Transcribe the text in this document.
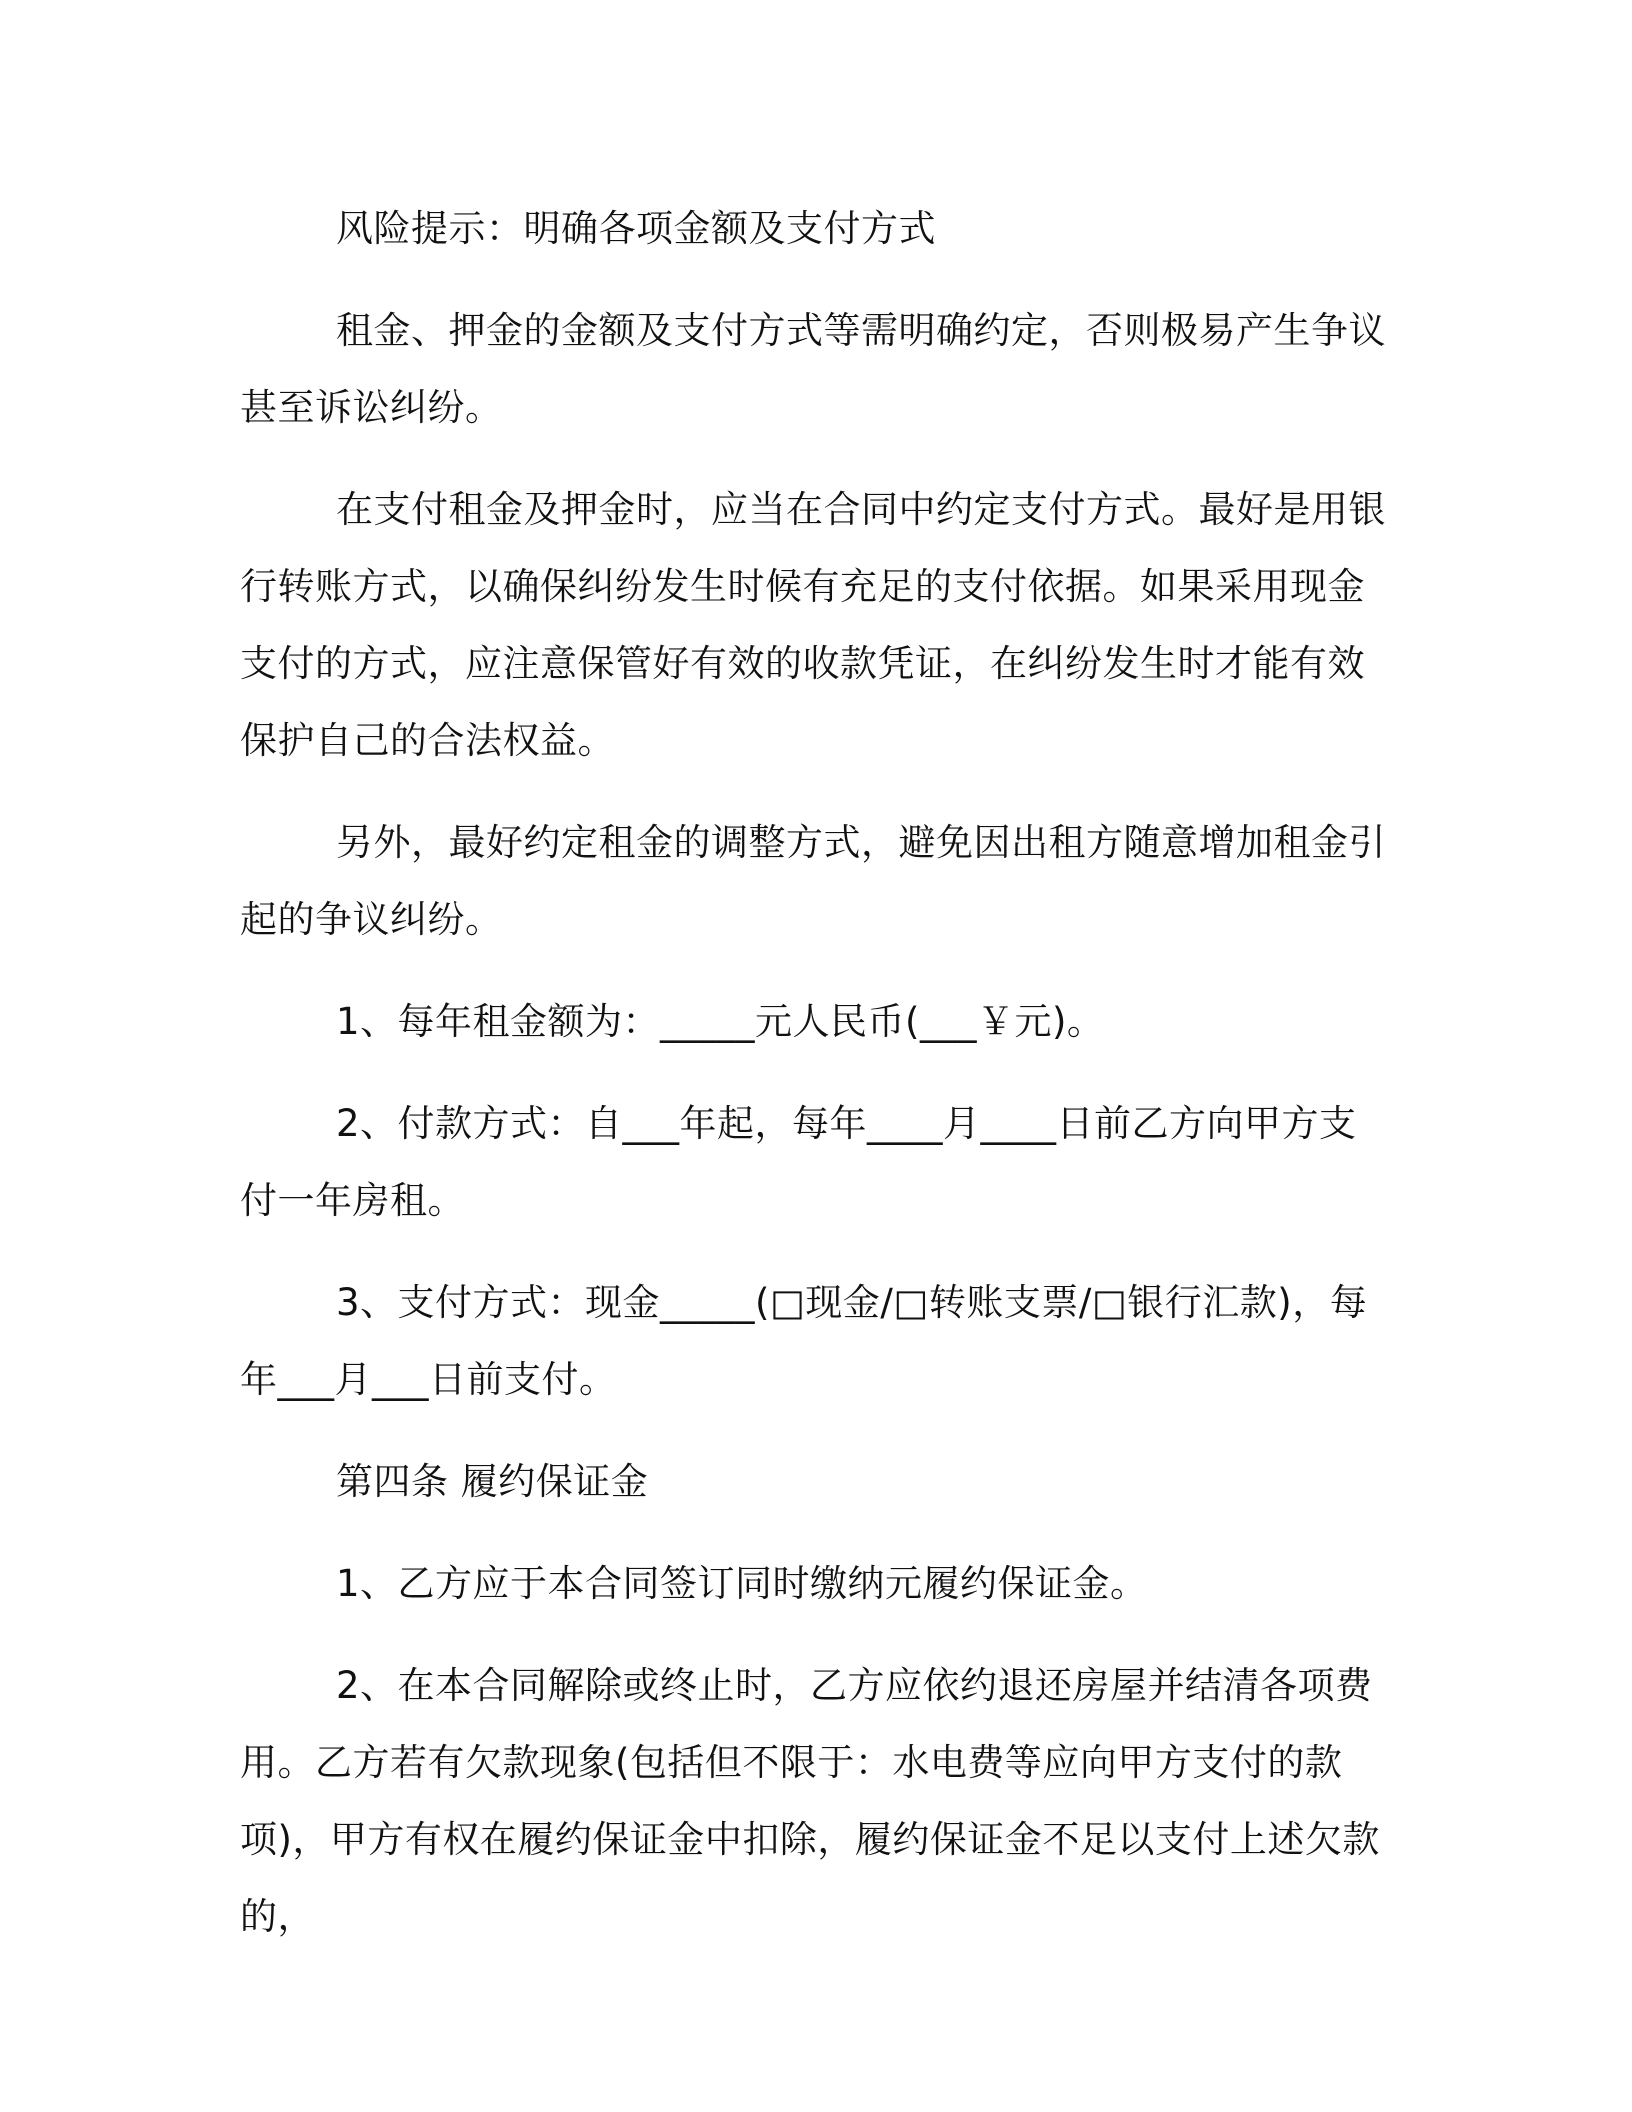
风险提示：明确各项金额及支付方式

租金、押金的金额及支付方式等需明确约定，否则极易产生争议甚至诉讼纠纷。

在支付租金及押金时，应当在合同中约定支付方式。最好是用银行转账方式，以确保纠纷发生时候有充足的支付依据。如果采用现金支付的方式，应注意保管好有效的收款凭证，在纠纷发生时才能有效保护自己的合法权益。

另外，最好约定租金的调整方式，避免因出租方随意增加租金引起的争议纠纷。

1、每年租金额为：_____元人民币(___￥元)。

2、付款方式：自___年起，每年____月____日前乙方向甲方支付一年房租。

3、支付方式：现金_____(□现金/□转账支票/□银行汇款)，每年___月___日前支付。

第四条 履约保证金

1、乙方应于本合同签订同时缴纳元履约保证金。

2、在本合同解除或终止时，乙方应依约退还房屋并结清各项费用。乙方若有欠款现象(包括但不限于：水电费等应向甲方支付的款项)，甲方有权在履约保证金中扣除，履约保证金不足以支付上述欠款的，
